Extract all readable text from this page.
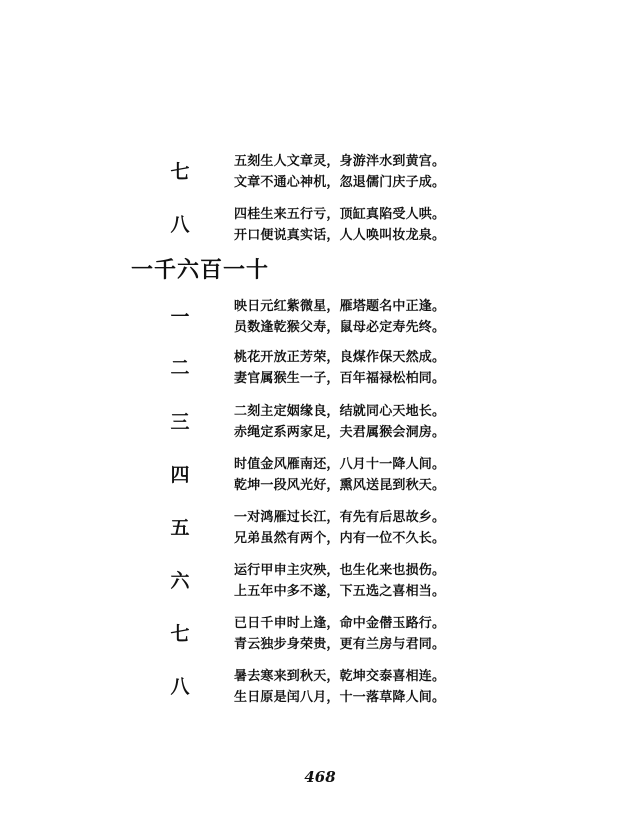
七	五刻生人文章灵，身游泮水到黄宫。
文章不通心神机，忽退儒门庆子成。
八	四桂生来五行亏，顶缸真陷受人哄。
开口便说真实话，人人唤叫妆龙泉。
一千六百一十
一	映日元红紫微星，雁塔题名中正逢。
员数逢乾猴父寿，鼠母必定寿先终。
二	桃花开放正芳荣，良煤作保天然成。
妻官属猴生一子，百年福禄松柏同。
三	二刻主定姻缘良，结就同心天地长。
赤绳定系两家足，夫君属猴会洞房。
四	时值金风雁南还，八月十一降人间。
乾坤一段风光好，熏风送昆到秋天。
五	一对鸿雁过长江，有先有后思故乡。
兄弟虽然有两个，内有一位不久长。
六	运行甲申主灾殃，也生化来也损伤。
上五年中多不遂，下五选之喜相当。
七	已日千申时上逢，命中金僣玉路行。
青云独步身荣贵，更有兰房与君同。
八	暑去寒来到秋天，乾坤交泰喜相连。
生日原是闰八月，十一落草降人间。
468
